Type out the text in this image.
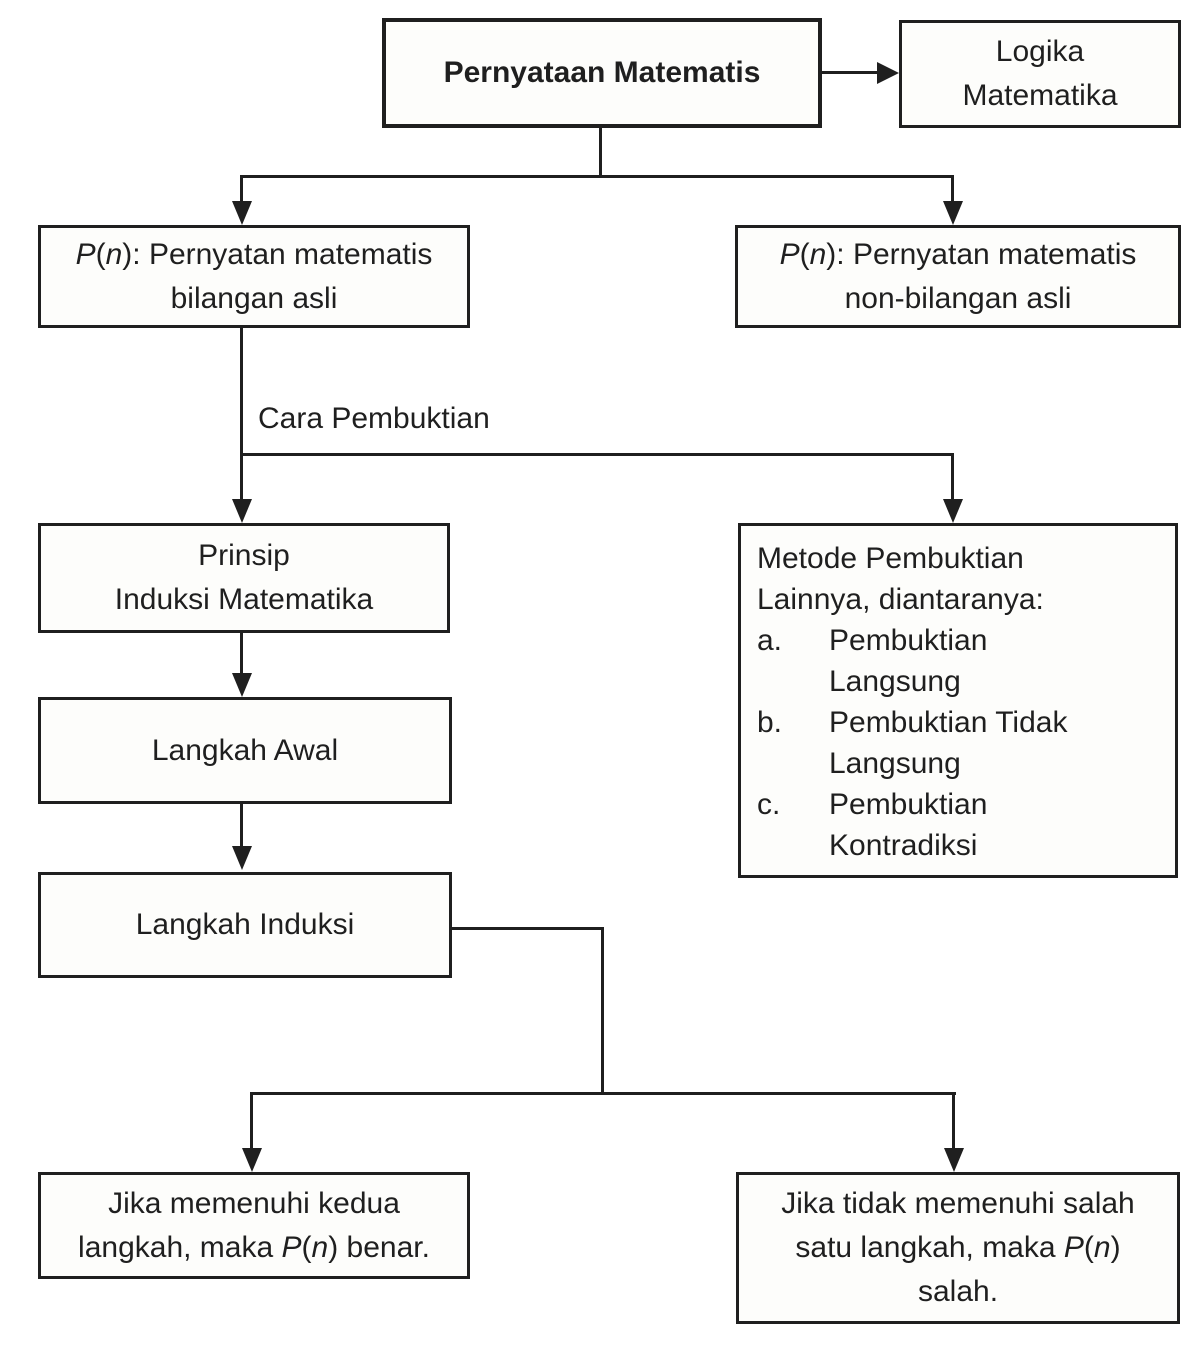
Pernyataan Matematis
Logika
Matematika
P(n): Pernyatan matematis
bilangan asli
P(n): Pernyatan matematis
non-bilangan asli
Prinsip
Induksi Matematika
Metode Pembuktian
Lainnya, diantaranya:
a.	Pembuktian
Langsung
b.	Pembuktian Tidak
Langsung
c.	Pembuktian
Kontradiksi
Langkah Awal
Langkah Induksi
Jika memenuhi kedua
langkah, maka P(n) benar.
Jika tidak memenuhi salah
satu langkah, maka P(n)
salah.
Cara Pembuktian
